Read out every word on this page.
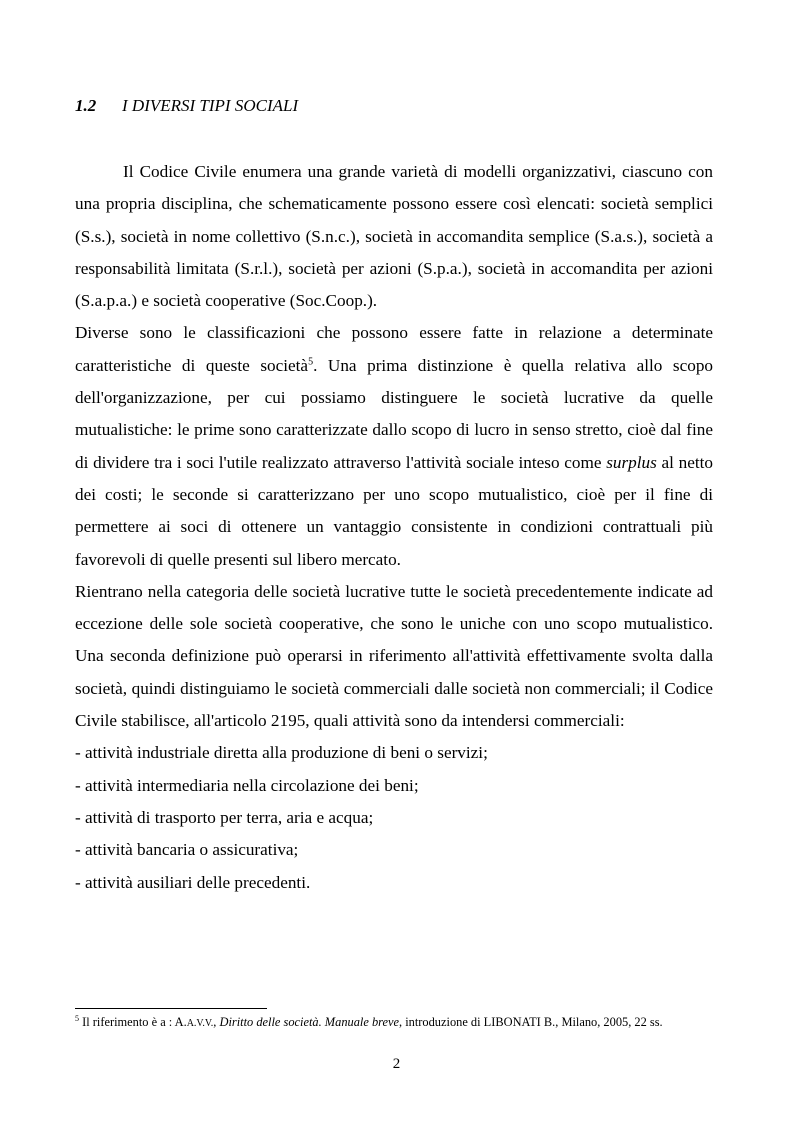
1.2 I DIVERSI TIPI SOCIALI

Il Codice Civile enumera una grande varietà di modelli organizzativi, ciascuno con una propria disciplina, che schematicamente possono essere così elencati: società semplici (S.s.), società in nome collettivo (S.n.c.), società in accomandita semplice (S.a.s.), società a responsabilità limitata (S.r.l.), società per azioni (S.p.a.), società in accomandita per azioni (S.a.p.a.) e società cooperative (Soc.Coop.).

Diverse sono le classificazioni che possono essere fatte in relazione a determinate caratteristiche di queste società$^5$. Una prima distinzione è quella relativa allo scopo dell'organizzazione, per cui possiamo distinguere le società lucrative da quelle mutualistiche: le prime sono caratterizzate dallo scopo di lucro in senso stretto, cioè dal fine di dividere tra i soci l'utile realizzato attraverso l'attività sociale inteso come surplus al netto dei costi; le seconde si caratterizzano per uno scopo mutualistico, cioè per il fine di permettere ai soci di ottenere un vantaggio consistente in condizioni contrattuali più favorevoli di quelle presenti sul libero mercato.

Rientrano nella categoria delle società lucrative tutte le società precedentemente indicate ad eccezione delle sole società cooperative, che sono le uniche con uno scopo mutualistico. Una seconda definizione può operarsi in riferimento all'attività effettivamente svolta dalla società, quindi distinguiamo le società commerciali dalle società non commerciali; il Codice Civile stabilisce, all'articolo 2195, quali attività sono da intendersi commerciali:

- attività industriale diretta alla produzione di beni o servizi;

- attività intermediaria nella circolazione dei beni;

- attività di trasporto per terra, aria e acqua;

- attività bancaria o assicurativa;

- attività ausiliari delle precedenti.

$^5$ Il riferimento è a : A.A.V.V., Diritto delle società. Manuale breve, introduzione di LIBONATI B., Milano, 2005, 22 ss.
2
